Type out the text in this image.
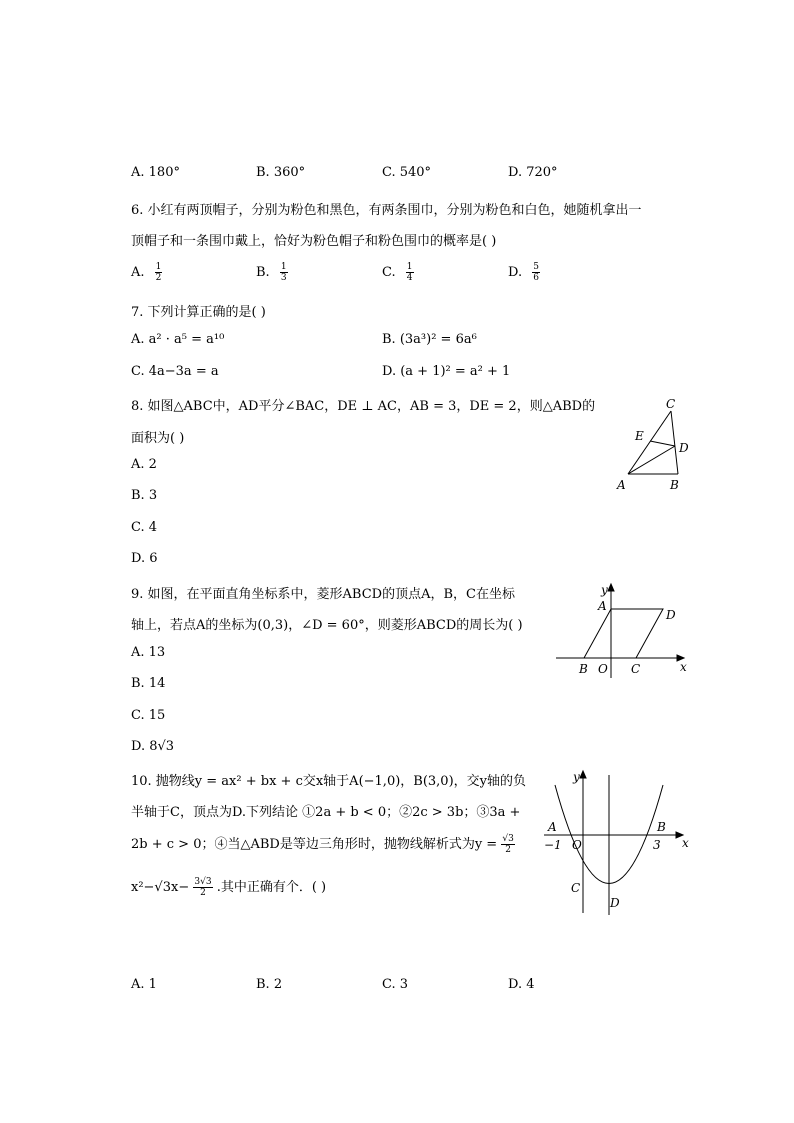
A. 180°	B. 360°	C. 540°	D. 720°
6. 小红有两顶帽子，分别为粉色和黑色，有两条围巾，分别为粉色和白色，她随机拿出一
顶帽子和一条围巾戴上，恰好为粉色帽子和粉色围巾的概率是( )
A. $\frac{1}{2}$	B. $\frac{1}{3}$	C. $\frac{1}{4}$	D. $\frac{5}{6}$
7. 下列计算正确的是( )
A. a² · a⁵ = a¹⁰	B. (3a³)² = 6a⁶
C. 4a−3a = a	D. (a + 1)² = a² + 1
8. 如图△ABC中，AD平分∠BAC，DE ⊥ AC，AB = 3，DE = 2，则△ABD的
面积为( )
A. 2
B. 3
C. 4
D. 6
C
E
D
A	B
9. 如图，在平面直角坐标系中，菱形ABCD的顶点A，B，C在坐标
轴上，若点A的坐标为(0,3)，∠D = 60°，则菱形ABCD的周长为( )
A. 13
B. 14
C. 15
D. 8√3
y
A
D
B O C	x
10. 抛物线y = ax² + bx + c交x轴于A(−1,0)，B(3,0)，交y轴的负
半轴于C，顶点为D.下列结论 ①2a + b < 0；②2c > 3b；③3a +
2b + c > 0；④当△ABD是等边三角形时，抛物线解析式为$y = \frac{√3}{2}$
$x^2-√3x- \frac{3√3}{2}$ .其中正确有个．( )
y
A
−1 O
B
3 x
C
D
A. 1	B. 2	C. 3	D. 4
